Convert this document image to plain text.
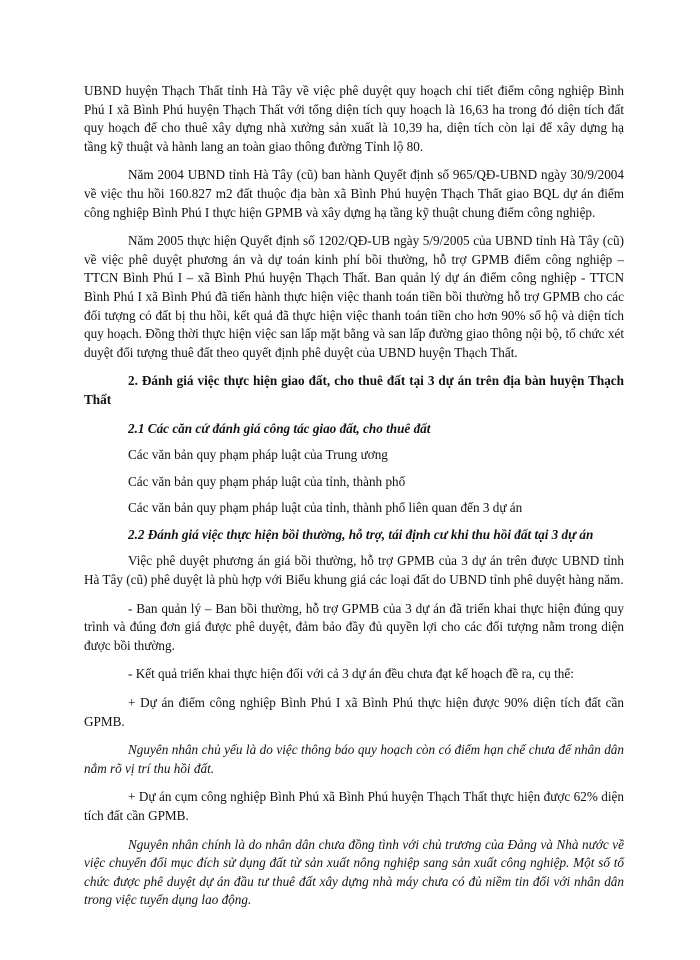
UBND huyện Thạch Thất tỉnh Hà Tây về việc phê duyệt quy hoạch chi tiết điểm công nghiệp Bình Phú I xã Bình Phú huyện Thạch Thất với tổng diện tích quy hoạch là 16,63 ha trong đó diện tích đất quy hoạch để cho thuê xây dựng nhà xưởng sản xuất là 10,39 ha, diện tích còn lại để xây dựng hạ tầng kỹ thuật và hành lang an toàn giao thông đường Tỉnh lộ 80.

Năm 2004 UBND tỉnh Hà Tây (cũ) ban hành Quyết định số 965/QĐ-UBND ngày 30/9/2004 về việc thu hồi 160.827 m2 đất thuộc địa bàn xã Bình Phú huyện Thạch Thất giao BQL dự án điểm công nghiệp Bình Phú I thực hiện GPMB và xây dựng hạ tầng kỹ thuật chung điểm công nghiệp.

Năm 2005 thực hiện Quyết định số 1202/QĐ-UB ngày 5/9/2005 của UBND tỉnh Hà Tây (cũ) về việc phê duyệt phương án và dự toán kinh phí bồi thường, hỗ trợ GPMB điểm công nghiệp – TTCN Bình Phú I – xã Bình Phú huyện Thạch Thất. Ban quản lý dự án điểm công nghiệp - TTCN Bình Phú I xã Bình Phú đã tiến hành thực hiện việc thanh toán tiền bồi thường hỗ trợ GPMB cho các đối tượng có đất bị thu hồi, kết quả đã thực hiện việc thanh toán tiền cho hơn 90% số hộ và diện tích quy hoạch. Đồng thời thực hiện việc san lấp mặt bằng và san lấp đường giao thông nội bộ, tổ chức xét duyệt đối tượng thuê đất theo quyết định phê duyệt của UBND huyện Thạch Thất.

2. Đánh giá việc thực hiện giao đất, cho thuê đất tại 3 dự án trên địa bàn huyện Thạch Thất

2.1 Các căn cứ đánh giá công tác giao đất, cho thuê đất

Các văn bản quy phạm pháp luật của Trung ương

Các văn bản quy phạm pháp luật của tỉnh, thành phố

Các văn bản quy phạm pháp luật của tỉnh, thành phố liên quan đến 3 dự án

2.2 Đánh giá việc thực hiện bồi thường, hỗ trợ, tái định cư khi thu hồi đất tại 3 dự án

Việc phê duyệt phương án giá bồi thường, hỗ trợ GPMB của 3 dự án trên được UBND tỉnh Hà Tây (cũ) phê duyệt là phù hợp với Biểu khung giá các loại đất do UBND tỉnh phê duyệt hàng năm.

- Ban quản lý – Ban bồi thường, hỗ trợ GPMB của 3 dự án đã triển khai thực hiện đúng quy trình và đúng đơn giá được phê duyệt, đảm bảo đầy đủ quyền lợi cho các đối tượng nằm trong diện được bồi thường.

- Kết quả triển khai thực hiện đối với cả 3 dự án đều chưa đạt kế hoạch đề ra, cụ thể:

+ Dự án điểm công nghiệp Bình Phú I xã Bình Phú thực hiện được 90% diện tích đất cần GPMB.

Nguyên nhân chủ yếu là do việc thông báo quy hoạch còn có điểm hạn chế chưa để nhân dân nắm rõ vị trí thu hồi đất.

+ Dự án cụm công nghiệp Bình Phú xã Bình Phú huyện Thạch Thất thực hiện được 62% diện tích đất cần GPMB.

Nguyên nhân chính là do nhân dân chưa đồng tình với chủ trương của Đảng và Nhà nước về việc chuyển đổi mục đích sử dụng đất từ sản xuất nông nghiệp sang sản xuất công nghiệp. Một số tổ chức được phê duyệt dự án đầu tư thuê đất xây dựng nhà máy chưa có đủ niềm tin đối với nhân dân trong việc tuyển dụng lao động.
